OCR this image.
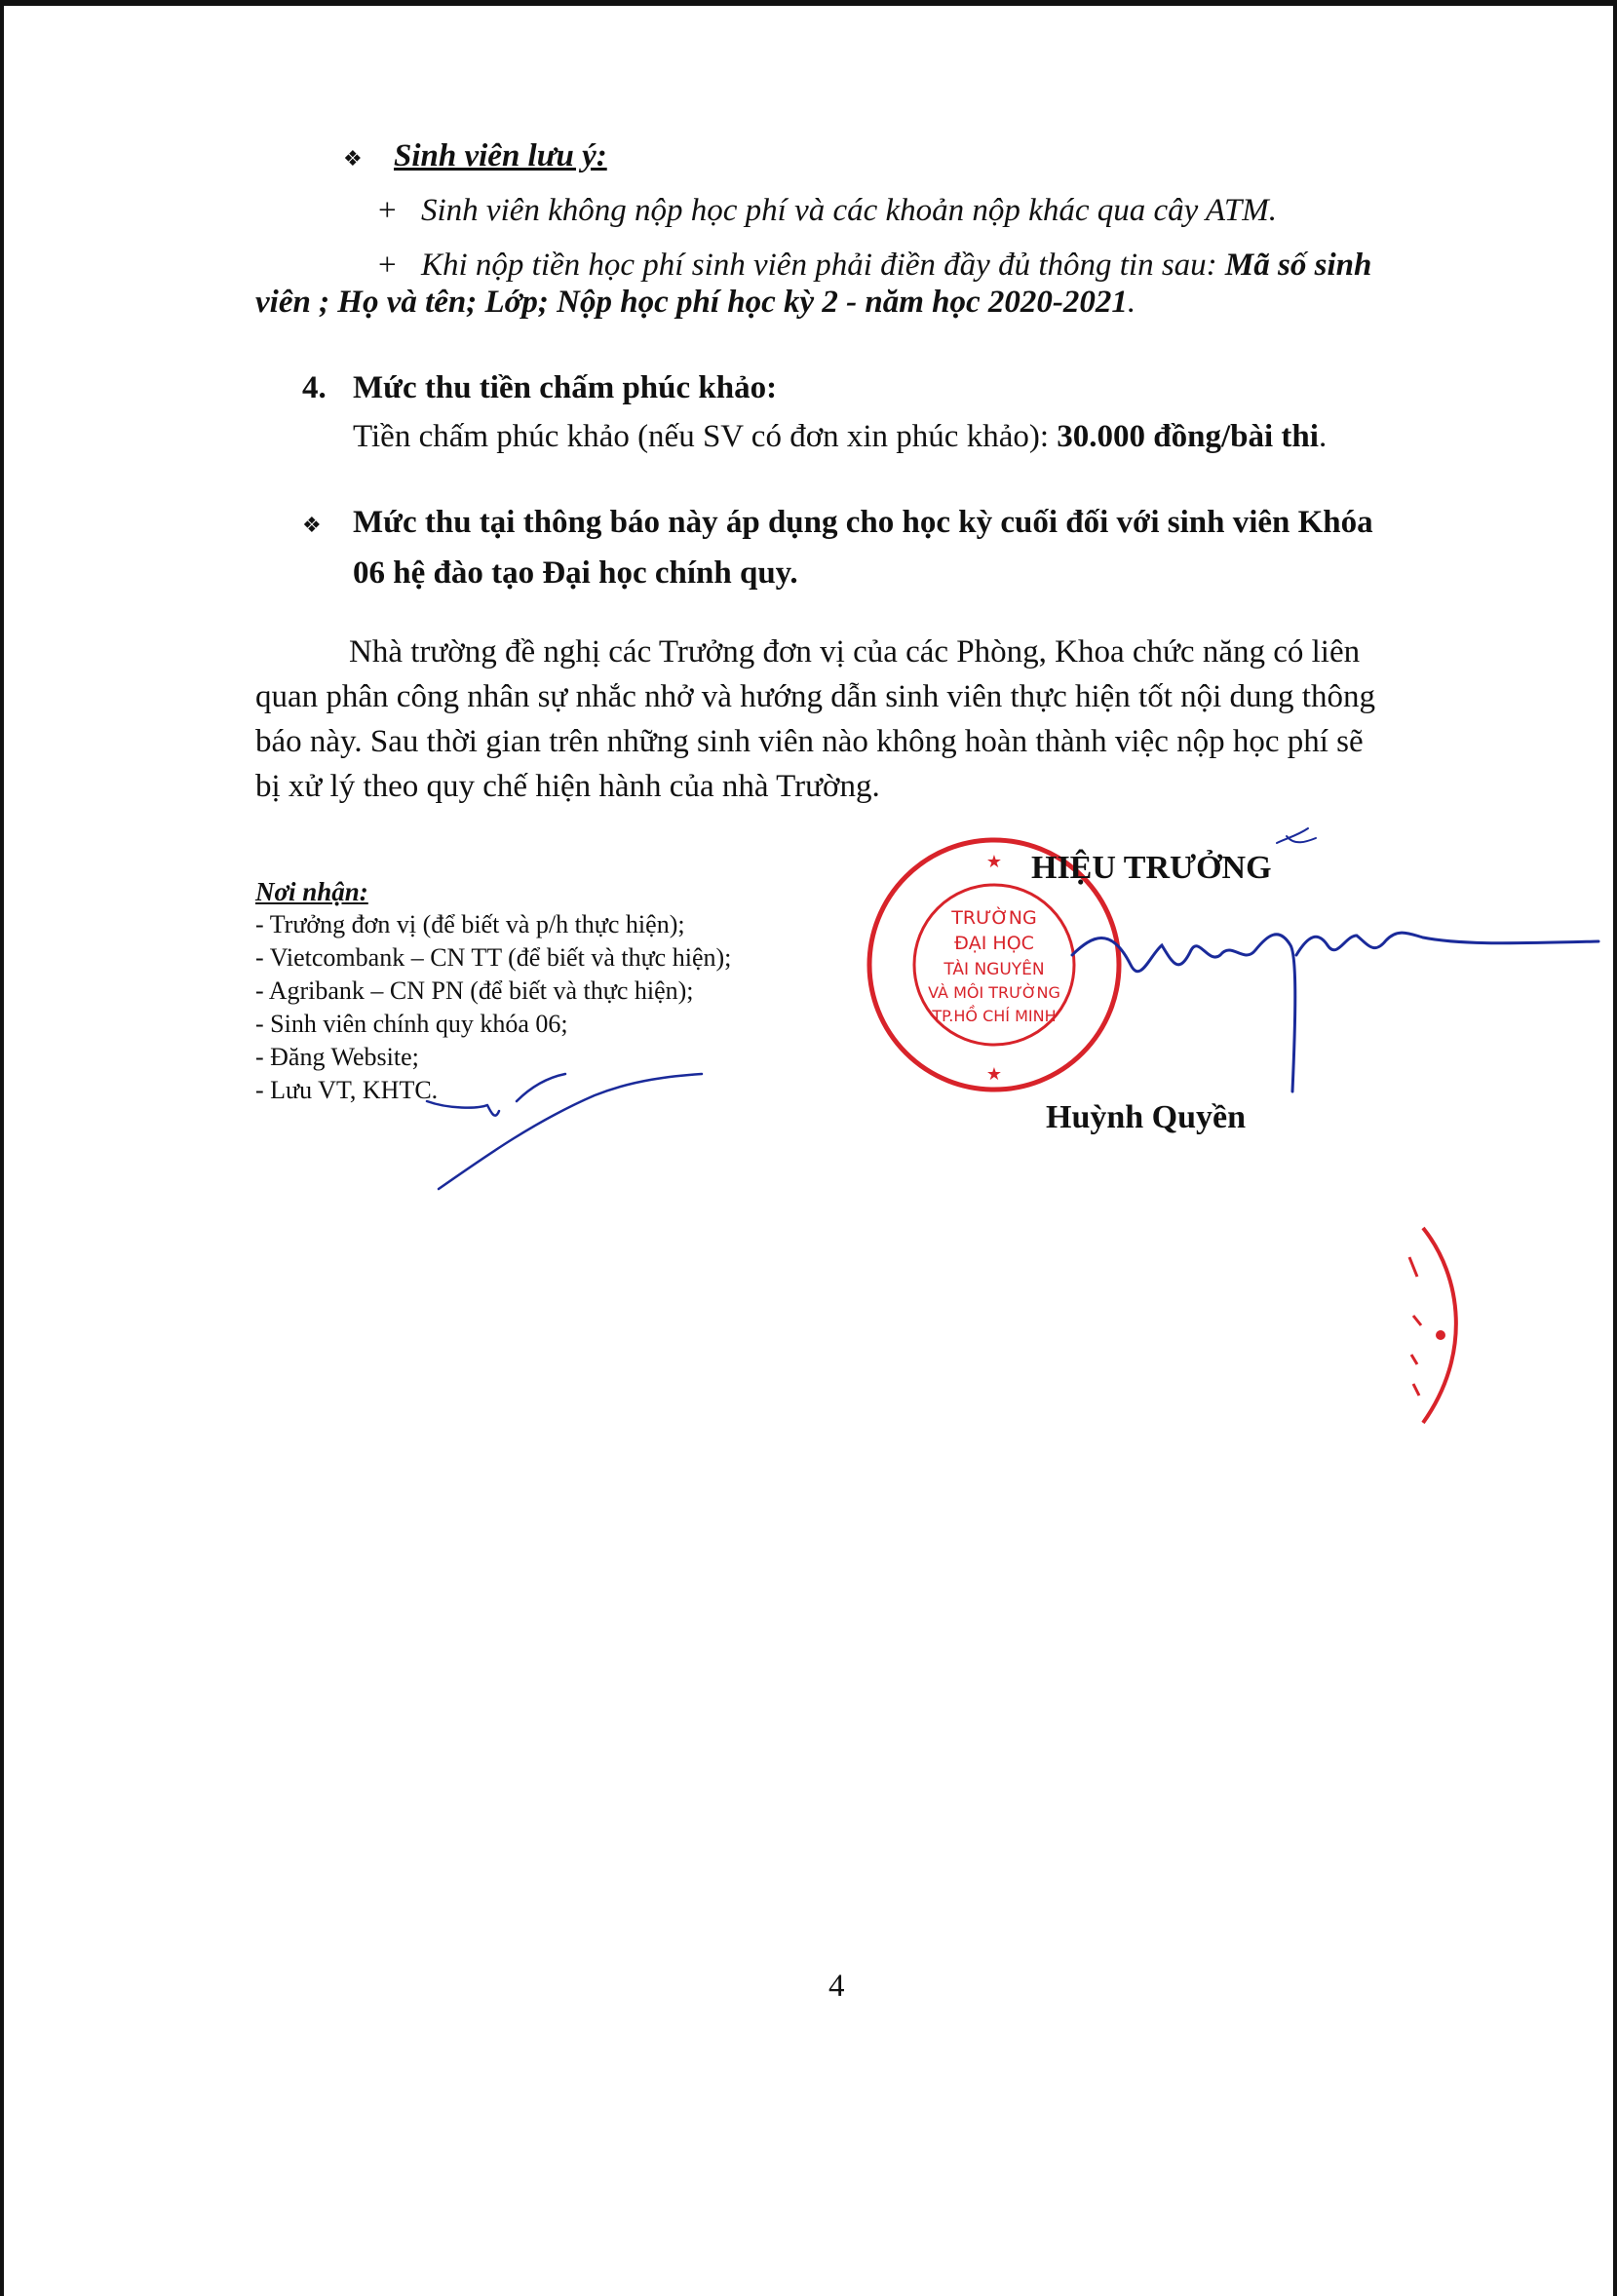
❖ Sinh viên lưu ý:
+ Sinh viên không nộp học phí và các khoản nộp khác qua cây ATM.
+ Khi nộp tiền học phí sinh viên phải điền đầy đủ thông tin sau: Mã số sinh
viên ; Họ và tên; Lớp; Nộp học phí học kỳ 2 - năm học 2020-2021.
4. Mức thu tiền chấm phúc khảo:
Tiền chấm phúc khảo (nếu SV có đơn xin phúc khảo): 30.000 đồng/bài thi.
❖ Mức thu tại thông báo này áp dụng cho học kỳ cuối đối với sinh viên Khóa
06 hệ đào tạo Đại học chính quy.
Nhà trường đề nghị các Trưởng đơn vị của các Phòng, Khoa chức năng có liên
quan phân công nhân sự nhắc nhở và hướng dẫn sinh viên thực hiện tốt nội dung thông
báo này. Sau thời gian trên những sinh viên nào không hoàn thành việc nộp học phí sẽ
bị xử lý theo quy chế hiện hành của nhà Trường.
Nơi nhận:
- Trưởng đơn vị (để biết và p/h thực hiện);
- Vietcombank – CN TT (để biết và thực hiện);
- Agribank – CN PN (để biết và thực hiện);
- Sinh viên chính quy khóa 06;
- Đăng Website;
- Lưu VT, KHTC.
TRƯỜNG
ĐẠI HỌC
TÀI NGUYÊN
VÀ MÔI TRƯỜNG
TP.HỒ CHÍ MINH
★
★
HIỆU TRƯỞNG
Huỳnh Quyền
4
